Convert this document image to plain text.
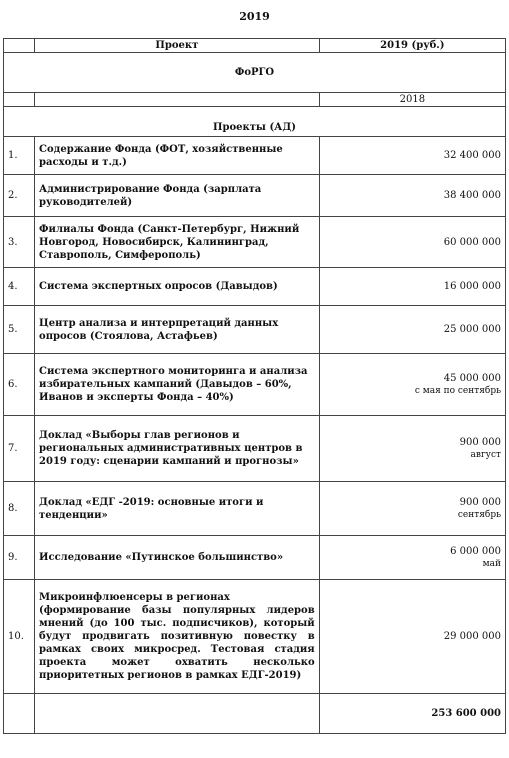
2019
	Проект	2019 (руб.)
ФоРГО		
		2018
Проекты (АД)		
1.	Содержание Фонда (ФОТ, хозяйственные расходы и т.д.)	32 400 000

2.	Администрирование Фонда (зарплата руководителей)	38 400 000

3.	Филиалы Фонда (Санкт-Петербург, Нижний Новгород, Новосибирск, Калининград, Ставрополь, Симферополь)	60 000 000

4.	Система экспертных опросов (Давыдов)	16 000 000

5.	Центр анализа и интерпретаций данных опросов (Стоялова, Астафьев)	25 000 000

6.	Система экспертного мониторинга и анализа избирательных кампаний (Давыдов – 60%, Иванов и эксперты Фонда – 40%)	45 000 000
с мая по сентябрь

7.	Доклад «Выборы глав регионов и региональных административных центров в 2019 году: сценарии кампаний и прогнозы»	900 000
август

8.	Доклад «ЕДГ -2019: основные итоги и тенденции»	900 000
сентябрь

9.	Исследование «Путинское большинство»	6 000 000
май

10.	Микроинфлюенсеры в регионах
(формирование базы популярных лидеров мнений (до 100 тыс. подписчиков), который будут продвигать позитивную повестку в рамках своих микросред. Тестовая стадия проекта может охватить несколько приоритетных регионов в рамках ЕДГ-2019)	29 000 000

		253 600 000
